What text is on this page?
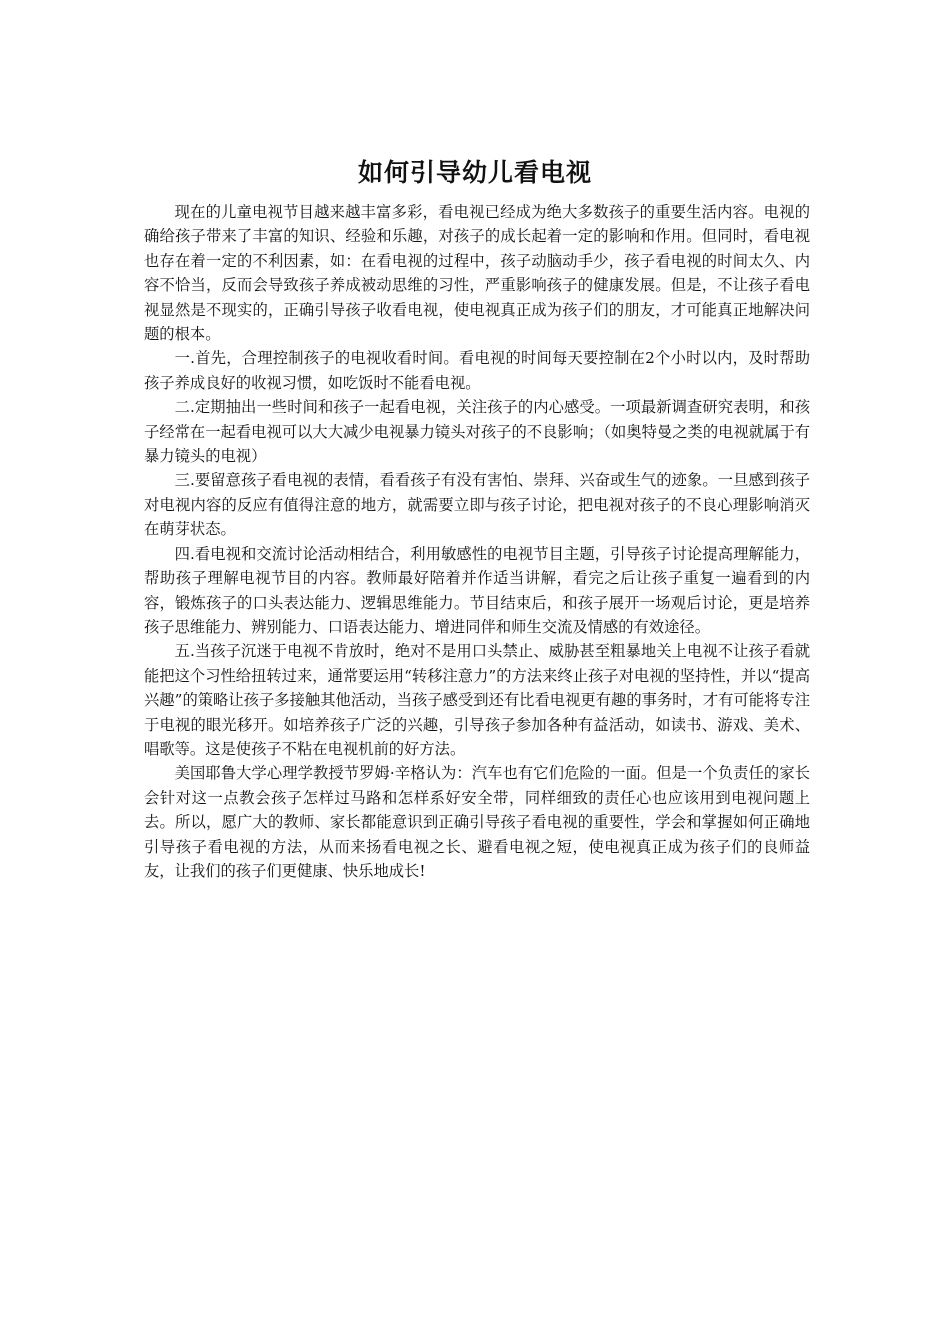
如何引导幼儿看电视

现在的儿童电视节目越来越丰富多彩，看电视已经成为绝大多数孩子的重要生活内容。电视的确给孩子带来了丰富的知识、经验和乐趣，对孩子的成长起着一定的影响和作用。但同时，看电视也存在着一定的不利因素，如：在看电视的过程中，孩子动脑动手少，孩子看电视的时间太久、内容不恰当，反而会导致孩子养成被动思维的习性，严重影响孩子的健康发展。但是，不让孩子看电视显然是不现实的，正确引导孩子收看电视，使电视真正成为孩子们的朋友，才可能真正地解决问题的根本。

一.首先，合理控制孩子的电视收看时间。看电视的时间每天要控制在2个小时以内，及时帮助孩子养成良好的收视习惯，如吃饭时不能看电视。

二.定期抽出一些时间和孩子一起看电视，关注孩子的内心感受。一项最新调查研究表明，和孩子经常在一起看电视可以大大减少电视暴力镜头对孩子的不良影响；（如奥特曼之类的电视就属于有暴力镜头的电视）

三.要留意孩子看电视的表情，看看孩子有没有害怕、崇拜、兴奋或生气的迹象。一旦感到孩子对电视内容的反应有值得注意的地方，就需要立即与孩子讨论，把电视对孩子的不良心理影响消灭在萌芽状态。

四.看电视和交流讨论活动相结合，利用敏感性的电视节目主题，引导孩子讨论提高理解能力，帮助孩子理解电视节目的内容。教师最好陪着并作适当讲解，看完之后让孩子重复一遍看到的内容，锻炼孩子的口头表达能力、逻辑思维能力。节目结束后，和孩子展开一场观后讨论，更是培养孩子思维能力、辨别能力、口语表达能力、增进同伴和师生交流及情感的有效途径。

五.当孩子沉迷于电视不肯放时，绝对不是用口头禁止、威胁甚至粗暴地关上电视不让孩子看就能把这个习性给扭转过来，通常要运用“转移注意力”的方法来终止孩子对电视的坚持性，并以“提高兴趣”的策略让孩子多接触其他活动，当孩子感受到还有比看电视更有趣的事务时，才有可能将专注于电视的眼光移开。如培养孩子广泛的兴趣，引导孩子参加各种有益活动，如读书、游戏、美术、唱歌等。这是使孩子不粘在电视机前的好方法。

美国耶鲁大学心理学教授节罗姆·辛格认为：汽车也有它们危险的一面。但是一个负责任的家长会针对这一点教会孩子怎样过马路和怎样系好安全带，同样细致的责任心也应该用到电视问题上去。所以，愿广大的教师、家长都能意识到正确引导孩子看电视的重要性，学会和掌握如何正确地引导孩子看电视的方法，从而来扬看电视之长、避看电视之短，使电视真正成为孩子们的良师益友，让我们的孩子们更健康、快乐地成长!
